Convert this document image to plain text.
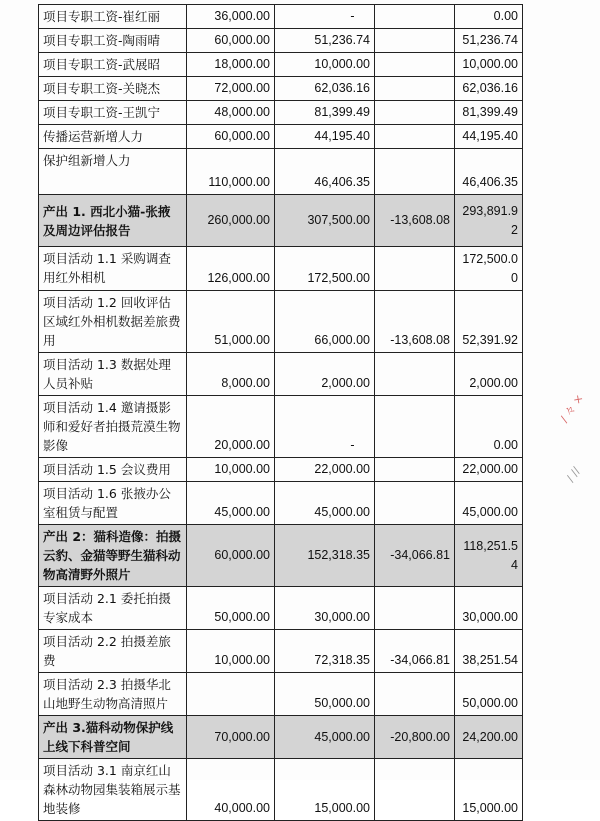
项目专职工资-崔红丽	36,000.00	-		0.00
项目专职工资-陶雨晴	60,000.00	51,236.74		51,236.74
项目专职工资-武展昭	18,000.00	10,000.00		10,000.00
项目专职工资-关晓杰	72,000.00	62,036.16		62,036.16
项目专职工资-王凯宁	48,000.00	81,399.49		81,399.49
传播运营新增人力	60,000.00	44,195.40		44,195.40
保护组新增人力	110,000.00	46,406.35		46,406.35
产出 1. 西北小猫-张掖及周边评估报告	260,000.00	307,500.00	-13,608.08	293,891.92
项目活动 1.1 采购调查用红外相机	126,000.00	172,500.00		172,500.00
项目活动 1.2 回收评估区域红外相机数据差旅费用	51,000.00	66,000.00	-13,608.08	52,391.92
项目活动 1.3 数据处理人员补贴	8,000.00	2,000.00		2,000.00
项目活动 1.4 邀请摄影师和爱好者拍摄荒漠生物影像	20,000.00	-		0.00
项目活动 1.5 会议费用	10,000.00	22,000.00		22,000.00
项目活动 1.6 张掖办公室租赁与配置	45,000.00	45,000.00		45,000.00
产出 2：猫科造像：拍摄云豹、金猫等野生猫科动物高清野外照片	60,000.00	152,318.35	-34,066.81	118,251.54
项目活动 2.1 委托拍摄专家成本	50,000.00	30,000.00		30,000.00
项目活动 2.2 拍摄差旅费	10,000.00	72,318.35	-34,066.81	38,251.54
项目活动 2.3 拍摄华北山地野生动物高清照片		50,000.00		50,000.00
产出 3.猫科动物保护线上线下科普空间	70,000.00	45,000.00	-20,800.00	24,200.00
项目活动 3.1 南京红山森林动物园集装箱展示基地装修	40,000.00	15,000.00		15,000.00
/ 々 ×
/ //
